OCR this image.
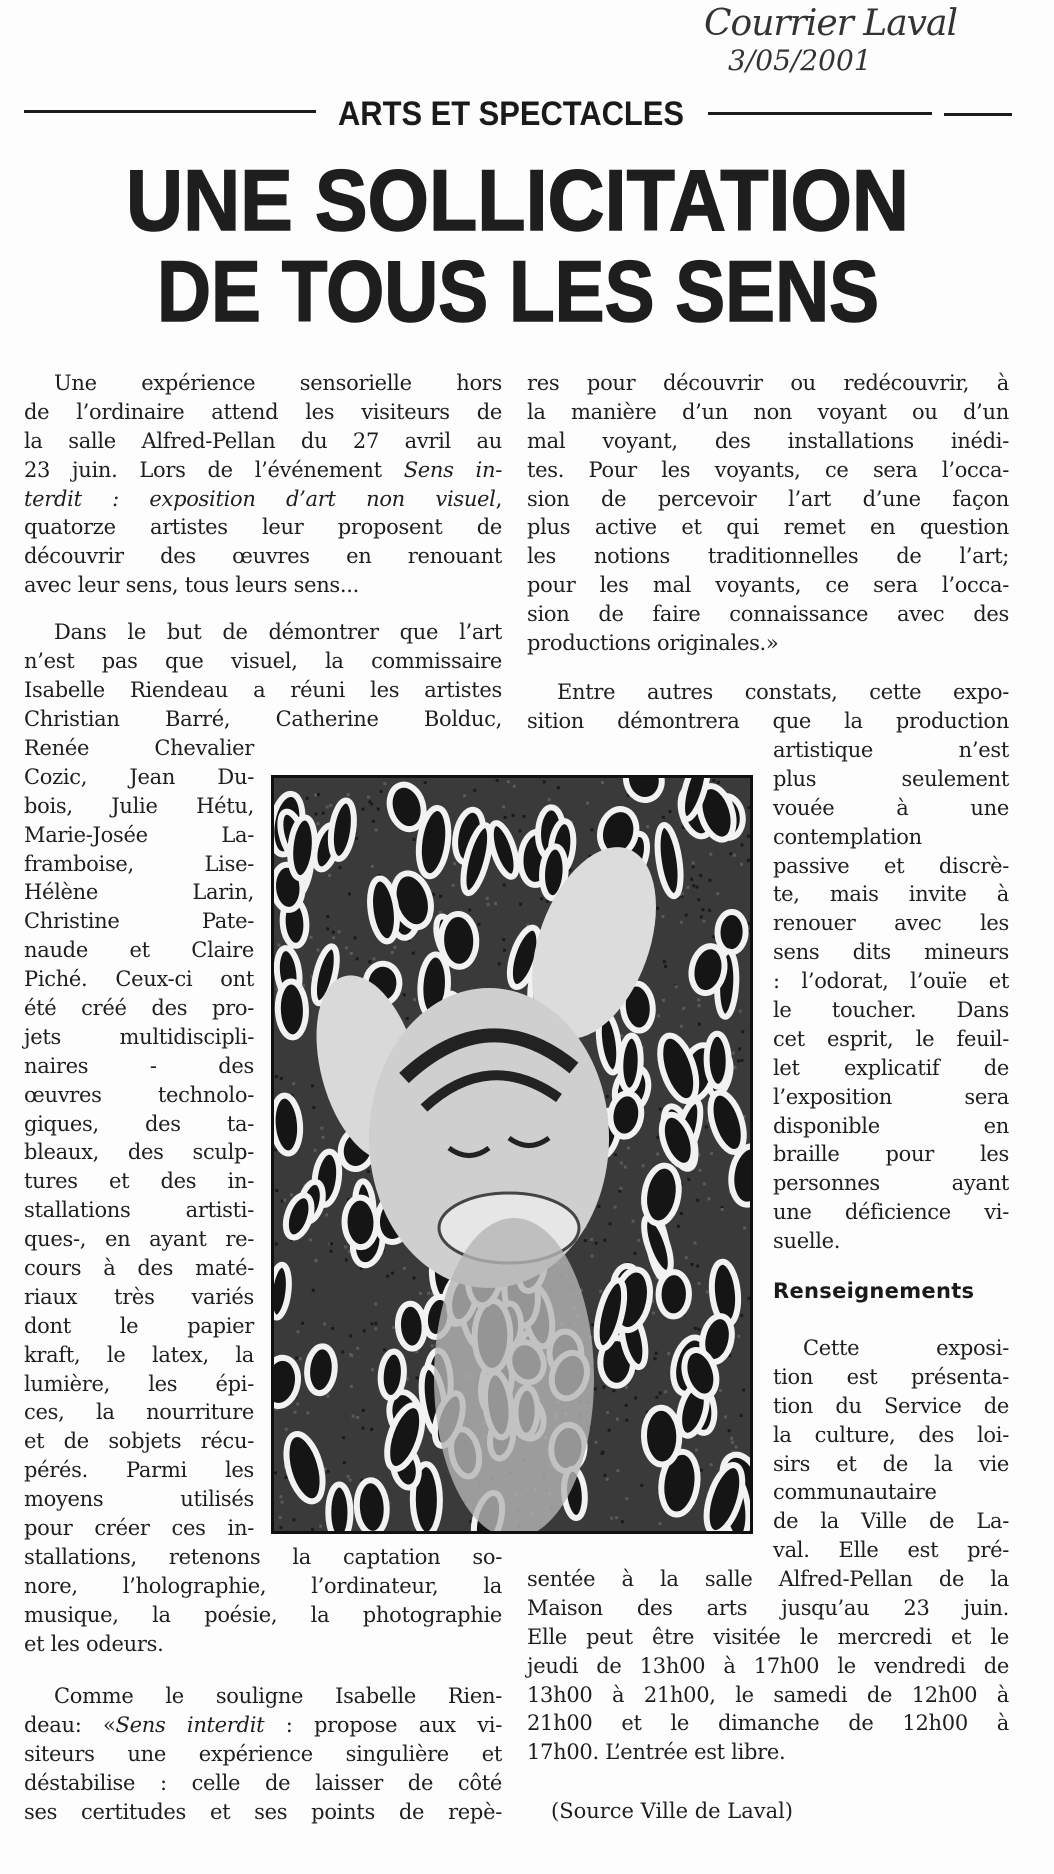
Courrier Laval
3/05/2001
ARTS ET SPECTACLES
UNE SOLLICITATION
DE TOUS LES SENS
Une expérience sensorielle hors
de l’ordinaire attend les visiteurs de
la salle Alfred-Pellan du 27 avril au
23 juin. Lors de l’événement Sens in-
terdit : exposition d’art non visuel,
quatorze artistes leur proposent de
découvrir des œuvres en renouant
avec leur sens, tous leurs sens...
Dans le but de démontrer que l’art
n’est pas que visuel, la commissaire
Isabelle Riendeau a réuni les artistes
Christian Barré, Catherine Bolduc,
Renée Chevalier
Cozic, Jean Du-
bois, Julie Hétu,
Marie-Josée La-
framboise, Lise-
Hélène Larin,
Christine Pate-
naude et Claire
Piché. Ceux-ci ont
été créé des pro-
jets multidiscipli-
naires - des
œuvres technolo-
giques, des ta-
bleaux, des sculp-
tures et des in-
stallations artisti-
ques-, en ayant re-
cours à des maté-
riaux très variés
dont le papier
kraft, le latex, la
lumière, les épi-
ces, la nourriture
et de sobjets récu-
pérés. Parmi les
moyens utilisés
pour créer ces in-
stallations, retenons la captation so-
nore, l’holographie, l’ordinateur, la
musique, la poésie, la photographie
et les odeurs.
Comme le souligne Isabelle Rien-
deau: «Sens interdit : propose aux vi-
siteurs une expérience singulière et
déstabilise : celle de laisser de côté
ses certitudes et ses points de repè-
res pour découvrir ou redécouvrir, à
la manière d’un non voyant ou d’un
mal voyant, des installations inédi-
tes. Pour les voyants, ce sera l’occa-
sion de percevoir l’art d’une façon
plus active et qui remet en question
les notions traditionnelles de l’art;
pour les mal voyants, ce sera l’occa-
sion de faire connaissance avec des
productions originales.»
Entre autres constats, cette expo-
sition démontrera que la production
artistique n’est
plus seulement
vouée à une
contemplation
passive et discrè-
te, mais invite à
renouer avec les
sens dits mineurs
: l’odorat, l’ouïe et
le toucher. Dans
cet esprit, le feuil-
let explicatif de
l’exposition sera
disponible en
braille pour les
personnes ayant
une déficience vi-
suelle.
Renseignements
Cette exposi-
tion est présenta-
tion du Service de
la culture, des loi-
sirs et de la vie
communautaire
de la Ville de La-
val. Elle est pré-
sentée à la salle Alfred-Pellan de la
Maison des arts jusqu’au 23 juin.
Elle peut être visitée le mercredi et le
jeudi de 13h00 à 17h00 le vendredi de
13h00 à 21h00, le samedi de 12h00 à
21h00 et le dimanche de 12h00 à
17h00. L’entrée est libre.
(Source Ville de Laval)
